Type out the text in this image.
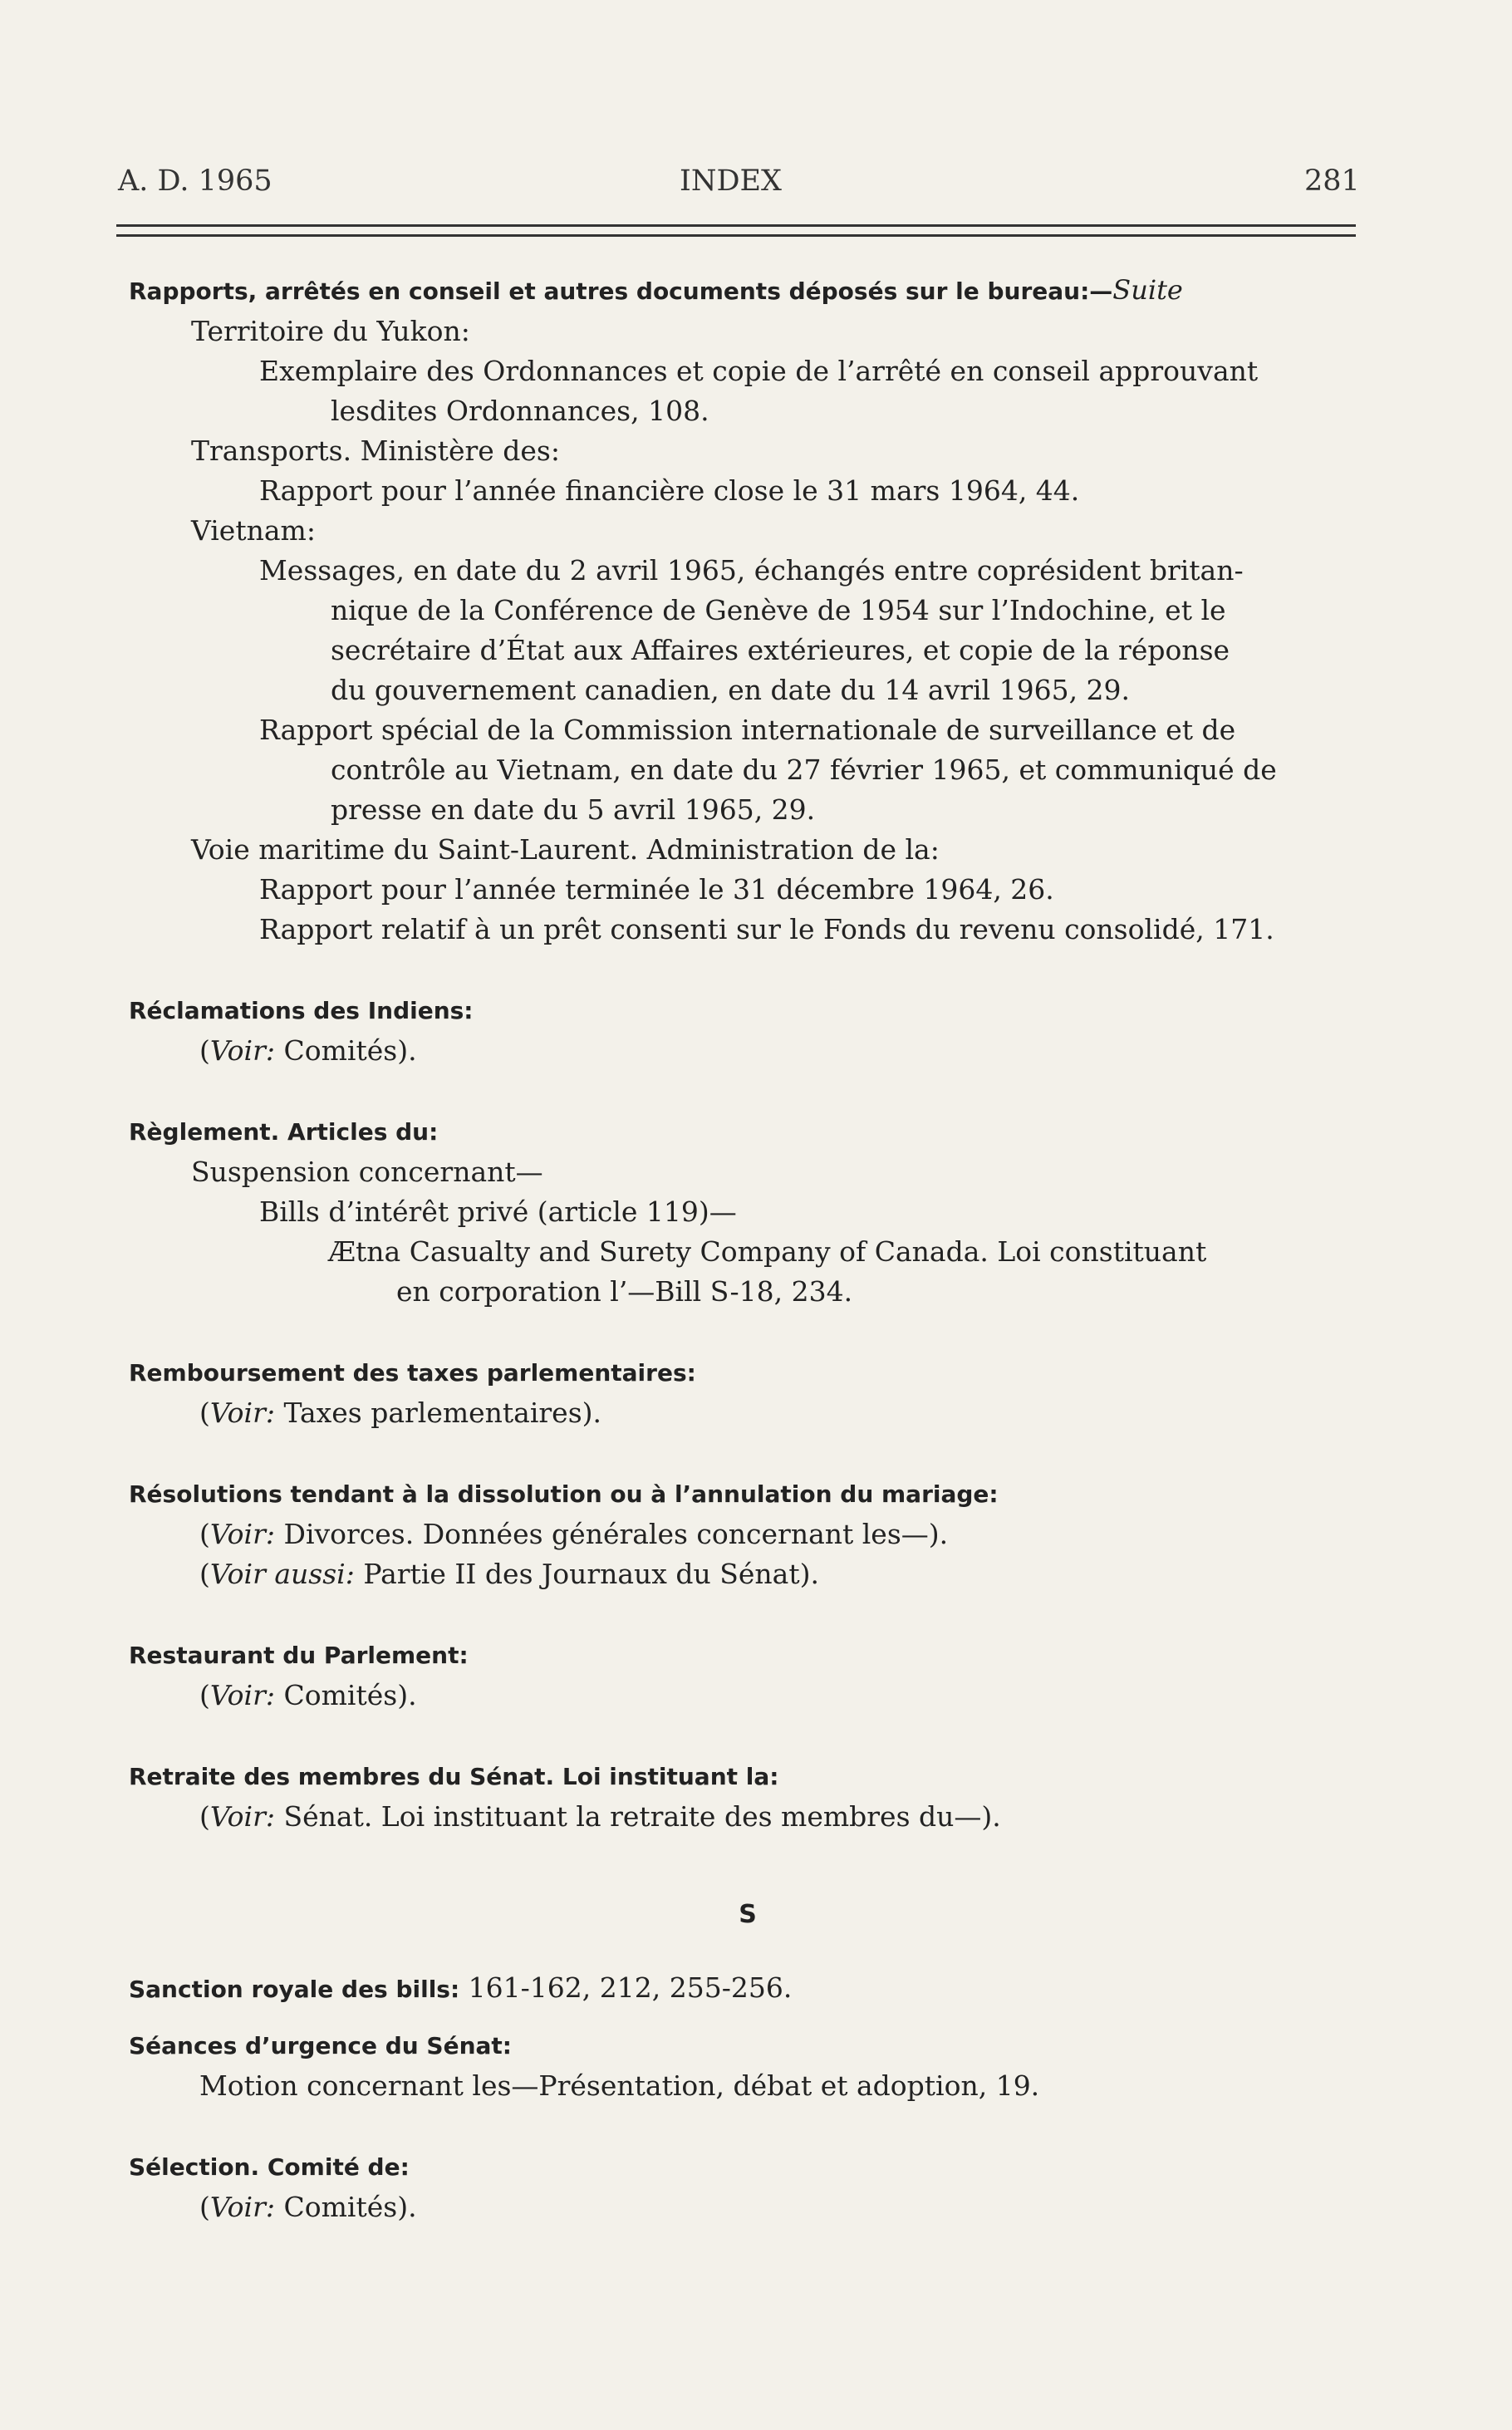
A. D. 1965	INDEX	281
Rapports, arrêtés en conseil et autres documents déposés sur le bureau:—Suite
Territoire du Yukon:
Exemplaire des Ordonnances et copie de l’arrêté en conseil approuvant
lesdites Ordonnances, 108.
Transports. Ministère des:
Rapport pour l’année financière close le 31 mars 1964, 44.
Vietnam:
Messages, en date du 2 avril 1965, échangés entre coprésident britan-
nique de la Conférence de Genève de 1954 sur l’Indochine, et le
secrétaire d’État aux Affaires extérieures, et copie de la réponse
du gouvernement canadien, en date du 14 avril 1965, 29.
Rapport spécial de la Commission internationale de surveillance et de
contrôle au Vietnam, en date du 27 février 1965, et communiqué de
presse en date du 5 avril 1965, 29.
Voie maritime du Saint-Laurent. Administration de la:
Rapport pour l’année terminée le 31 décembre 1964, 26.
Rapport relatif à un prêt consenti sur le Fonds du revenu consolidé, 171.
Réclamations des Indiens:
(Voir: Comités).
Règlement. Articles du:
Suspension concernant—
Bills d’intérêt privé (article 119)—
Ætna Casualty and Surety Company of Canada. Loi constituant
en corporation l’—Bill S-18, 234.
Remboursement des taxes parlementaires:
(Voir: Taxes parlementaires).
Résolutions tendant à la dissolution ou à l’annulation du mariage:
(Voir: Divorces. Données générales concernant les—).
(Voir aussi: Partie II des Journaux du Sénat).
Restaurant du Parlement:
(Voir: Comités).
Retraite des membres du Sénat. Loi instituant la:
(Voir: Sénat. Loi instituant la retraite des membres du—).
S
Sanction royale des bills: 161-162, 212, 255-256.
Séances d’urgence du Sénat:
Motion concernant les—Présentation, débat et adoption, 19.
Sélection. Comité de:
(Voir: Comités).
